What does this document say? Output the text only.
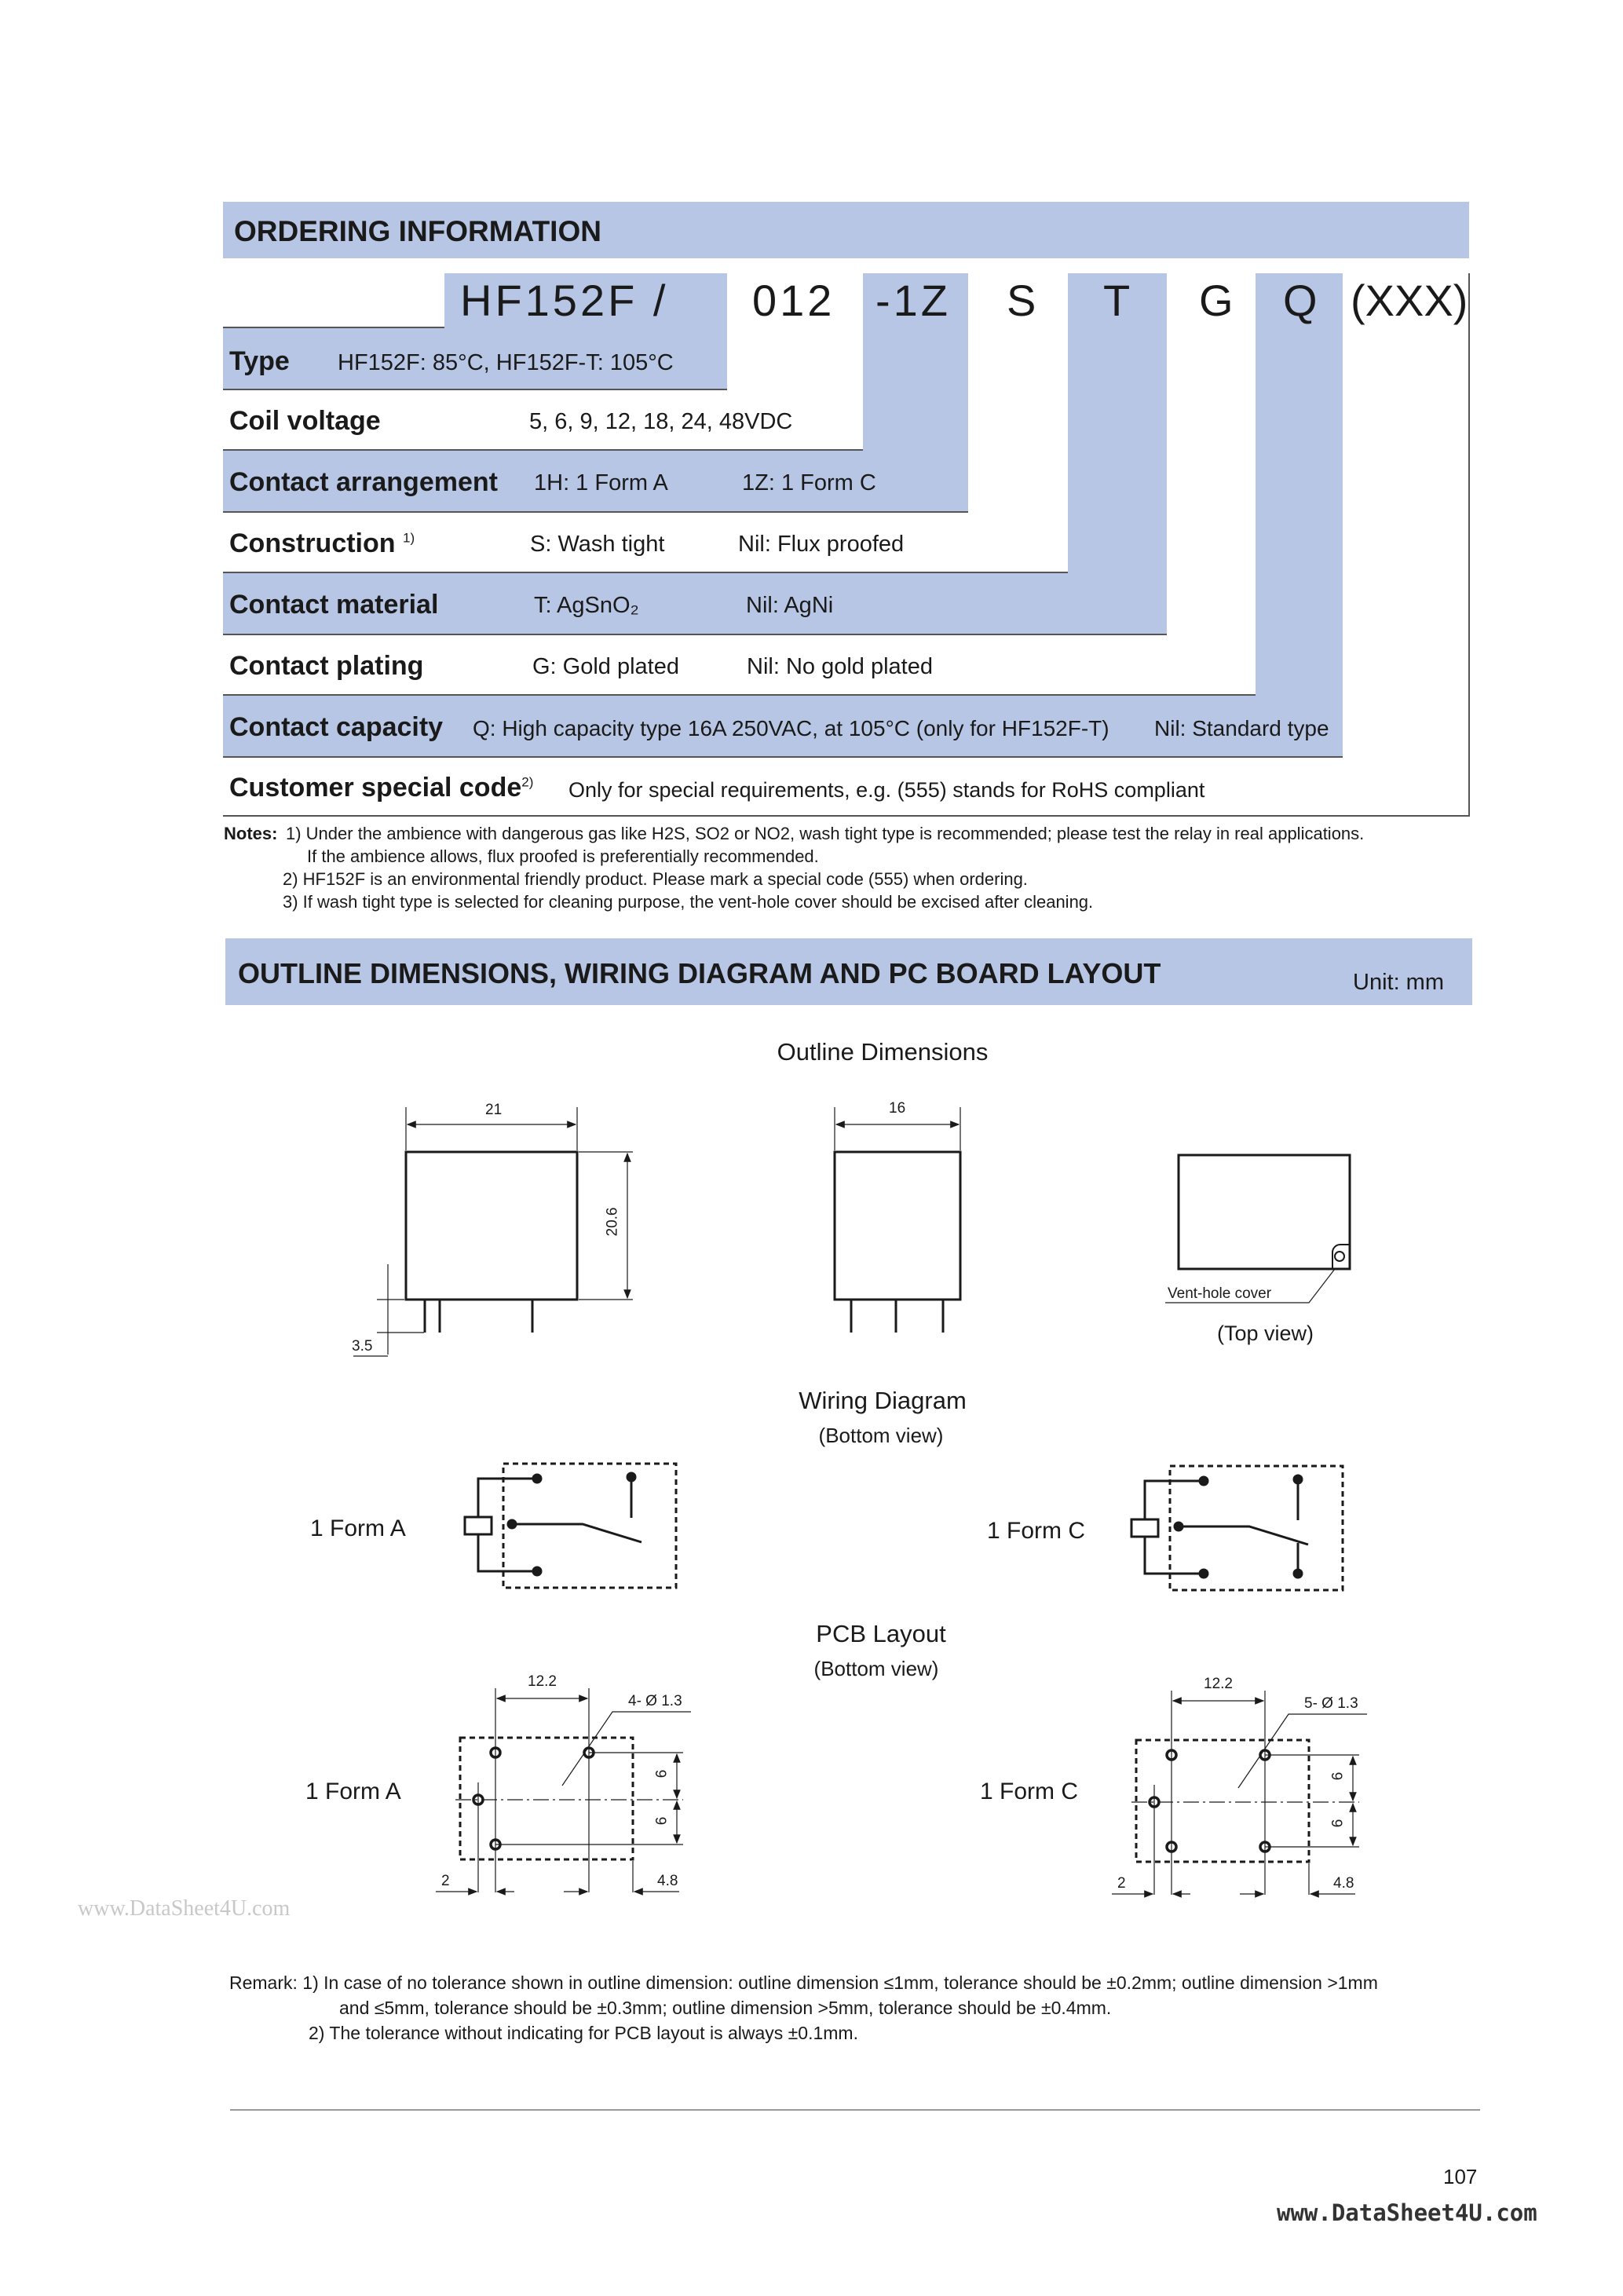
ORDERING INFORMATION
HF152F / 012 -1Z S T G Q (XXX)
Type HF152F: 85°C, HF152F-T: 105°C
Coil voltage	5, 6, 9, 12, 18, 24, 48VDC
Contact arrangement 1H: 1 Form A	1Z: 1 Form C
Construction $^{1)}$	S: Wash tight	Nil: Flux proofed
Contact material	T: AgSnO₂	Nil: AgNi
Contact plating	G: Gold plated	Nil: No gold plated
Contact capacity Q: High capacity type 16A 250VAC, at 105°C (only for HF152F-T) Nil: Standard type
Customer special code$^{2)}$ Only for special requirements, e.g. (555) stands for RoHS compliant
Notes: 1) Under the ambience with dangerous gas like H2S, SO2 or NO2, wash tight type is recommended; please test the relay in real applications.
If the ambience allows, flux proofed is preferentially recommended.
2) HF152F is an environmental friendly product. Please mark a special code (555) when ordering.
3) If wash tight type is selected for cleaning purpose, the vent-hole cover should be excised after cleaning.
OUTLINE DIMENSIONS, WIRING DIAGRAM AND PC BOARD LAYOUT	Unit: mm
Outline Dimensions
21
20.6
3.5
16
Vent-hole cover
(Top view)
Wiring Diagram
(Bottom view)
1 Form A	1 Form C
PCB Layout
(Bottom view)
1 Form A	1 Form C
12.2
4- Ø 1.3
6
6
2	4.8
12.2
5- Ø 1.3
6
6
2	4.8
www.DataSheet4U.com
Remark: 1) In case of no tolerance shown in outline dimension: outline dimension ≤1mm, tolerance should be ±0.2mm; outline dimension >1mm
and ≤5mm, tolerance should be ±0.3mm; outline dimension >5mm, tolerance should be ±0.4mm.
2) The tolerance without indicating for PCB layout is always ±0.1mm.
107
www.DataSheet4U.com
